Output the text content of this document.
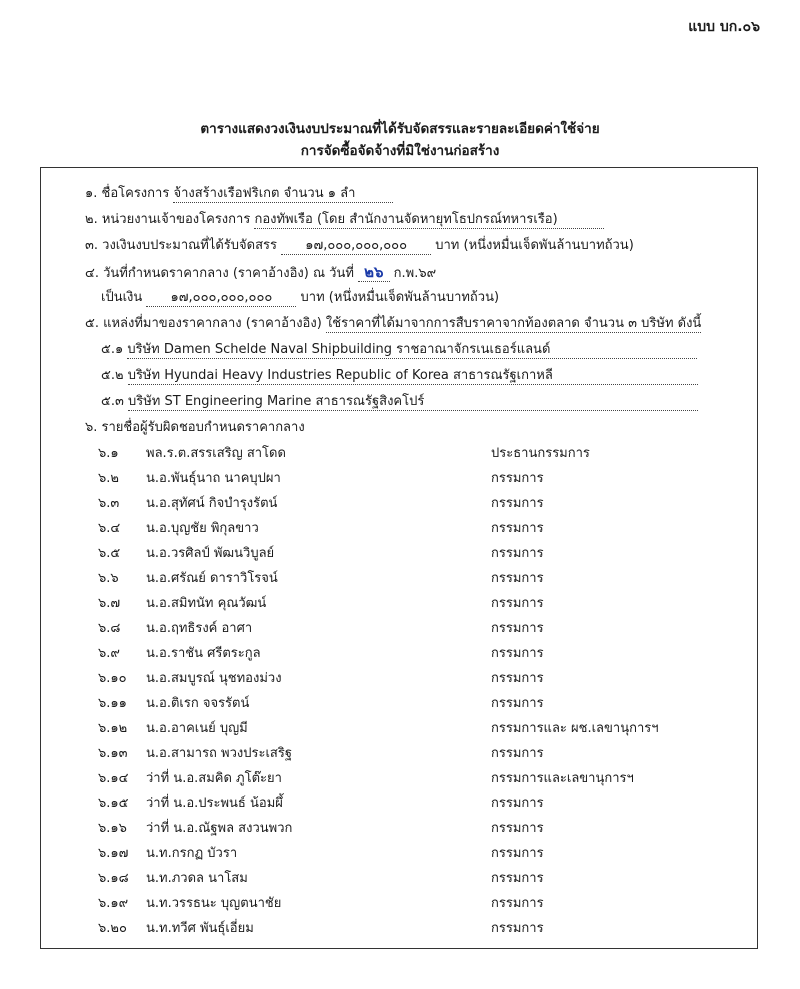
แบบ บก.๐๖
ตารางแสดงวงเงินงบประมาณที่ได้รับจัดสรรและรายละเอียดค่าใช้จ่าย
การจัดซื้อจัดจ้างที่มิใช่งานก่อสร้าง
๑. ชื่อโครงการ จ้างสร้างเรือฟริเกต จำนวน ๑ ลำ
๒. หน่วยงานเจ้าของโครงการ กองทัพเรือ (โดย สำนักงานจัดหายุทโธปกรณ์ทหารเรือ)
๓. วงเงินงบประมาณที่ได้รับจัดสรร ๑๗,๐๐๐,๐๐๐,๐๐๐ บาท (หนึ่งหมื่นเจ็ดพันล้านบาทถ้วน)
๔. วันที่กำหนดราคากลาง (ราคาอ้างอิง) ณ วันที่ ๒๖ ก.พ.๖๙
เป็นเงิน ๑๗,๐๐๐,๐๐๐,๐๐๐ บาท (หนึ่งหมื่นเจ็ดพันล้านบาทถ้วน)
๕. แหล่งที่มาของราคากลาง (ราคาอ้างอิง) ใช้ราคาที่ได้มาจากการสืบราคาจากท้องตลาด จำนวน ๓ บริษัท ดังนี้
๕.๑ บริษัท Damen Schelde Naval Shipbuilding ราชอาณาจักรเนเธอร์แลนด์
๕.๒ บริษัท Hyundai Heavy Industries Republic of Korea สาธารณรัฐเกาหลี
๕.๓ บริษัท ST Engineering Marine สาธารณรัฐสิงคโปร์
๖. รายชื่อผู้รับผิดชอบกำหนดราคากลาง
๖.๑ พล.ร.ต.สรรเสริญ สาโดด	ประธานกรรมการ
๖.๒ น.อ.พันธุ์นาถ นาคบุปผา	กรรมการ
๖.๓ น.อ.สุทัศน์ กิจบำรุงรัตน์	กรรมการ
๖.๔ น.อ.บุญชัย พิกุลขาว	กรรมการ
๖.๕ น.อ.วรศิลป์ พัฒนวิบูลย์	กรรมการ
๖.๖ น.อ.ศรัณย์ ดาราวิโรจน์	กรรมการ
๖.๗ น.อ.สมิทนัท คุณวัฒน์	กรรมการ
๖.๘ น.อ.ฤทธิรงค์ อาศา	กรรมการ
๖.๙ น.อ.ราชัน ศรีตระกูล	กรรมการ
๖.๑๐ น.อ.สมบูรณ์ นุชทองม่วง	กรรมการ
๖.๑๑ น.อ.ติเรก จจรรัตน์	กรรมการ
๖.๑๒ น.อ.อาคเนย์ บุญมี	กรรมการและ ผช.เลขานุการฯ
๖.๑๓ น.อ.สามารถ พวงประเสริฐ	กรรมการ
๖.๑๔ ว่าที่ น.อ.สมคิด ภูโต๊ะยา	กรรมการและเลขานุการฯ
๖.๑๕ ว่าที่ น.อ.ประพนธ์ น้อมผึ้	กรรมการ
๖.๑๖ ว่าที่ น.อ.ณัฐพล สงวนพวก	กรรมการ
๖.๑๗ น.ท.กรกฏ บัวรา	กรรมการ
๖.๑๘ น.ท.ภวดล นาโสม	กรรมการ
๖.๑๙ น.ท.วรรธนะ บุญตนาชัย	กรรมการ
๖.๒๐ น.ท.ทวีศ พันธุ์เอี่ยม	กรรมการ
